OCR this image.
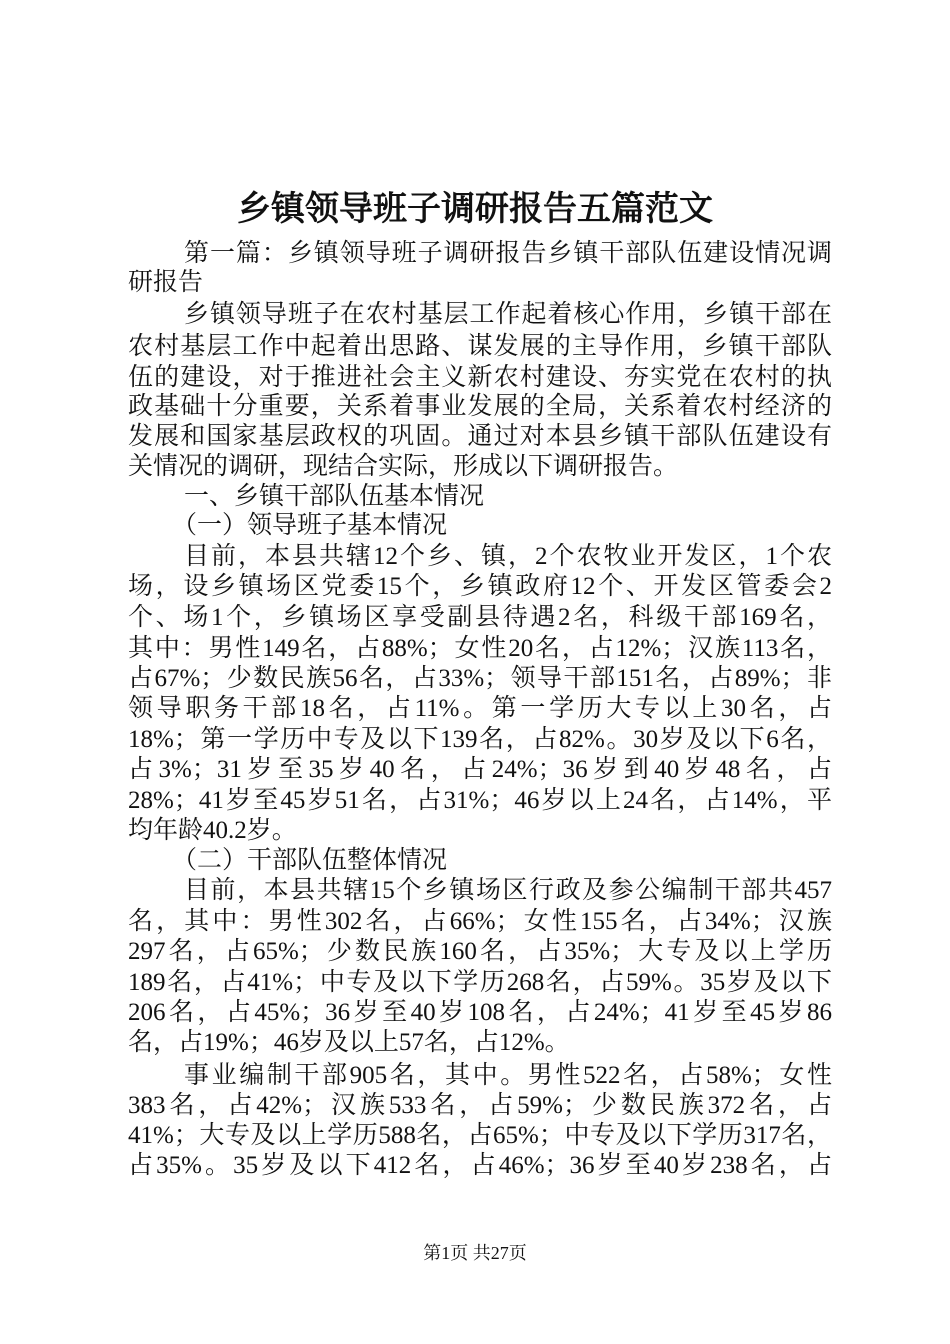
乡镇领导班子调研报告五篇范文
第一篇：乡镇领导班子调研报告乡镇干部队伍建设情况调
研报告
乡镇领导班子在农村基层工作起着核心作用，乡镇干部在
农村基层工作中起着出思路、谋发展的主导作用，乡镇干部队
伍的建设，对于推进社会主义新农村建设、夯实党在农村的执
政基础十分重要，关系着事业发展的全局，关系着农村经济的
发展和国家基层政权的巩固。通过对本县乡镇干部队伍建设有
关情况的调研，现结合实际，形成以下调研报告。
一、乡镇干部队伍基本情况
（一）领导班子基本情况
目前，本县共辖12个乡、镇，2个农牧业开发区，1个农
场，设乡镇场区党委15个，乡镇政府12个、开发区管委会2
个、场1个，乡镇场区享受副县待遇2名，科级干部169名，
其中：男性149名，占88%；女性20名，占12%；汉族113名，
占67%；少数民族56名，占33%；领导干部151名，占89%；非
领导职务干部18名，占11%。第一学历大专以上30名，占
18%；第一学历中专及以下139名，占82%。30岁及以下6名，
占3%；31岁至35岁40名，占24%；36岁到40岁48名，占
28%；41岁至45岁51名，占31%；46岁以上24名，占14%，平
均年龄40.2岁。
（二）干部队伍整体情况
目前，本县共辖15个乡镇场区行政及参公编制干部共457
名，其中：男性302名，占66%；女性155名，占34%；汉族
297名，占65%；少数民族160名，占35%；大专及以上学历
189名，占41%；中专及以下学历268名，占59%。35岁及以下
206名，占45%；36岁至40岁108名，占24%；41岁至45岁86
名，占19%；46岁及以上57名，占12%。
事业编制干部905名，其中。男性522名，占58%；女性
383名，占42%；汉族533名，占59%；少数民族372名，占
41%；大专及以上学历588名，占65%；中专及以下学历317名，
占35%。35岁及以下412名，占46%；36岁至40岁238名，占
第1页 共27页
